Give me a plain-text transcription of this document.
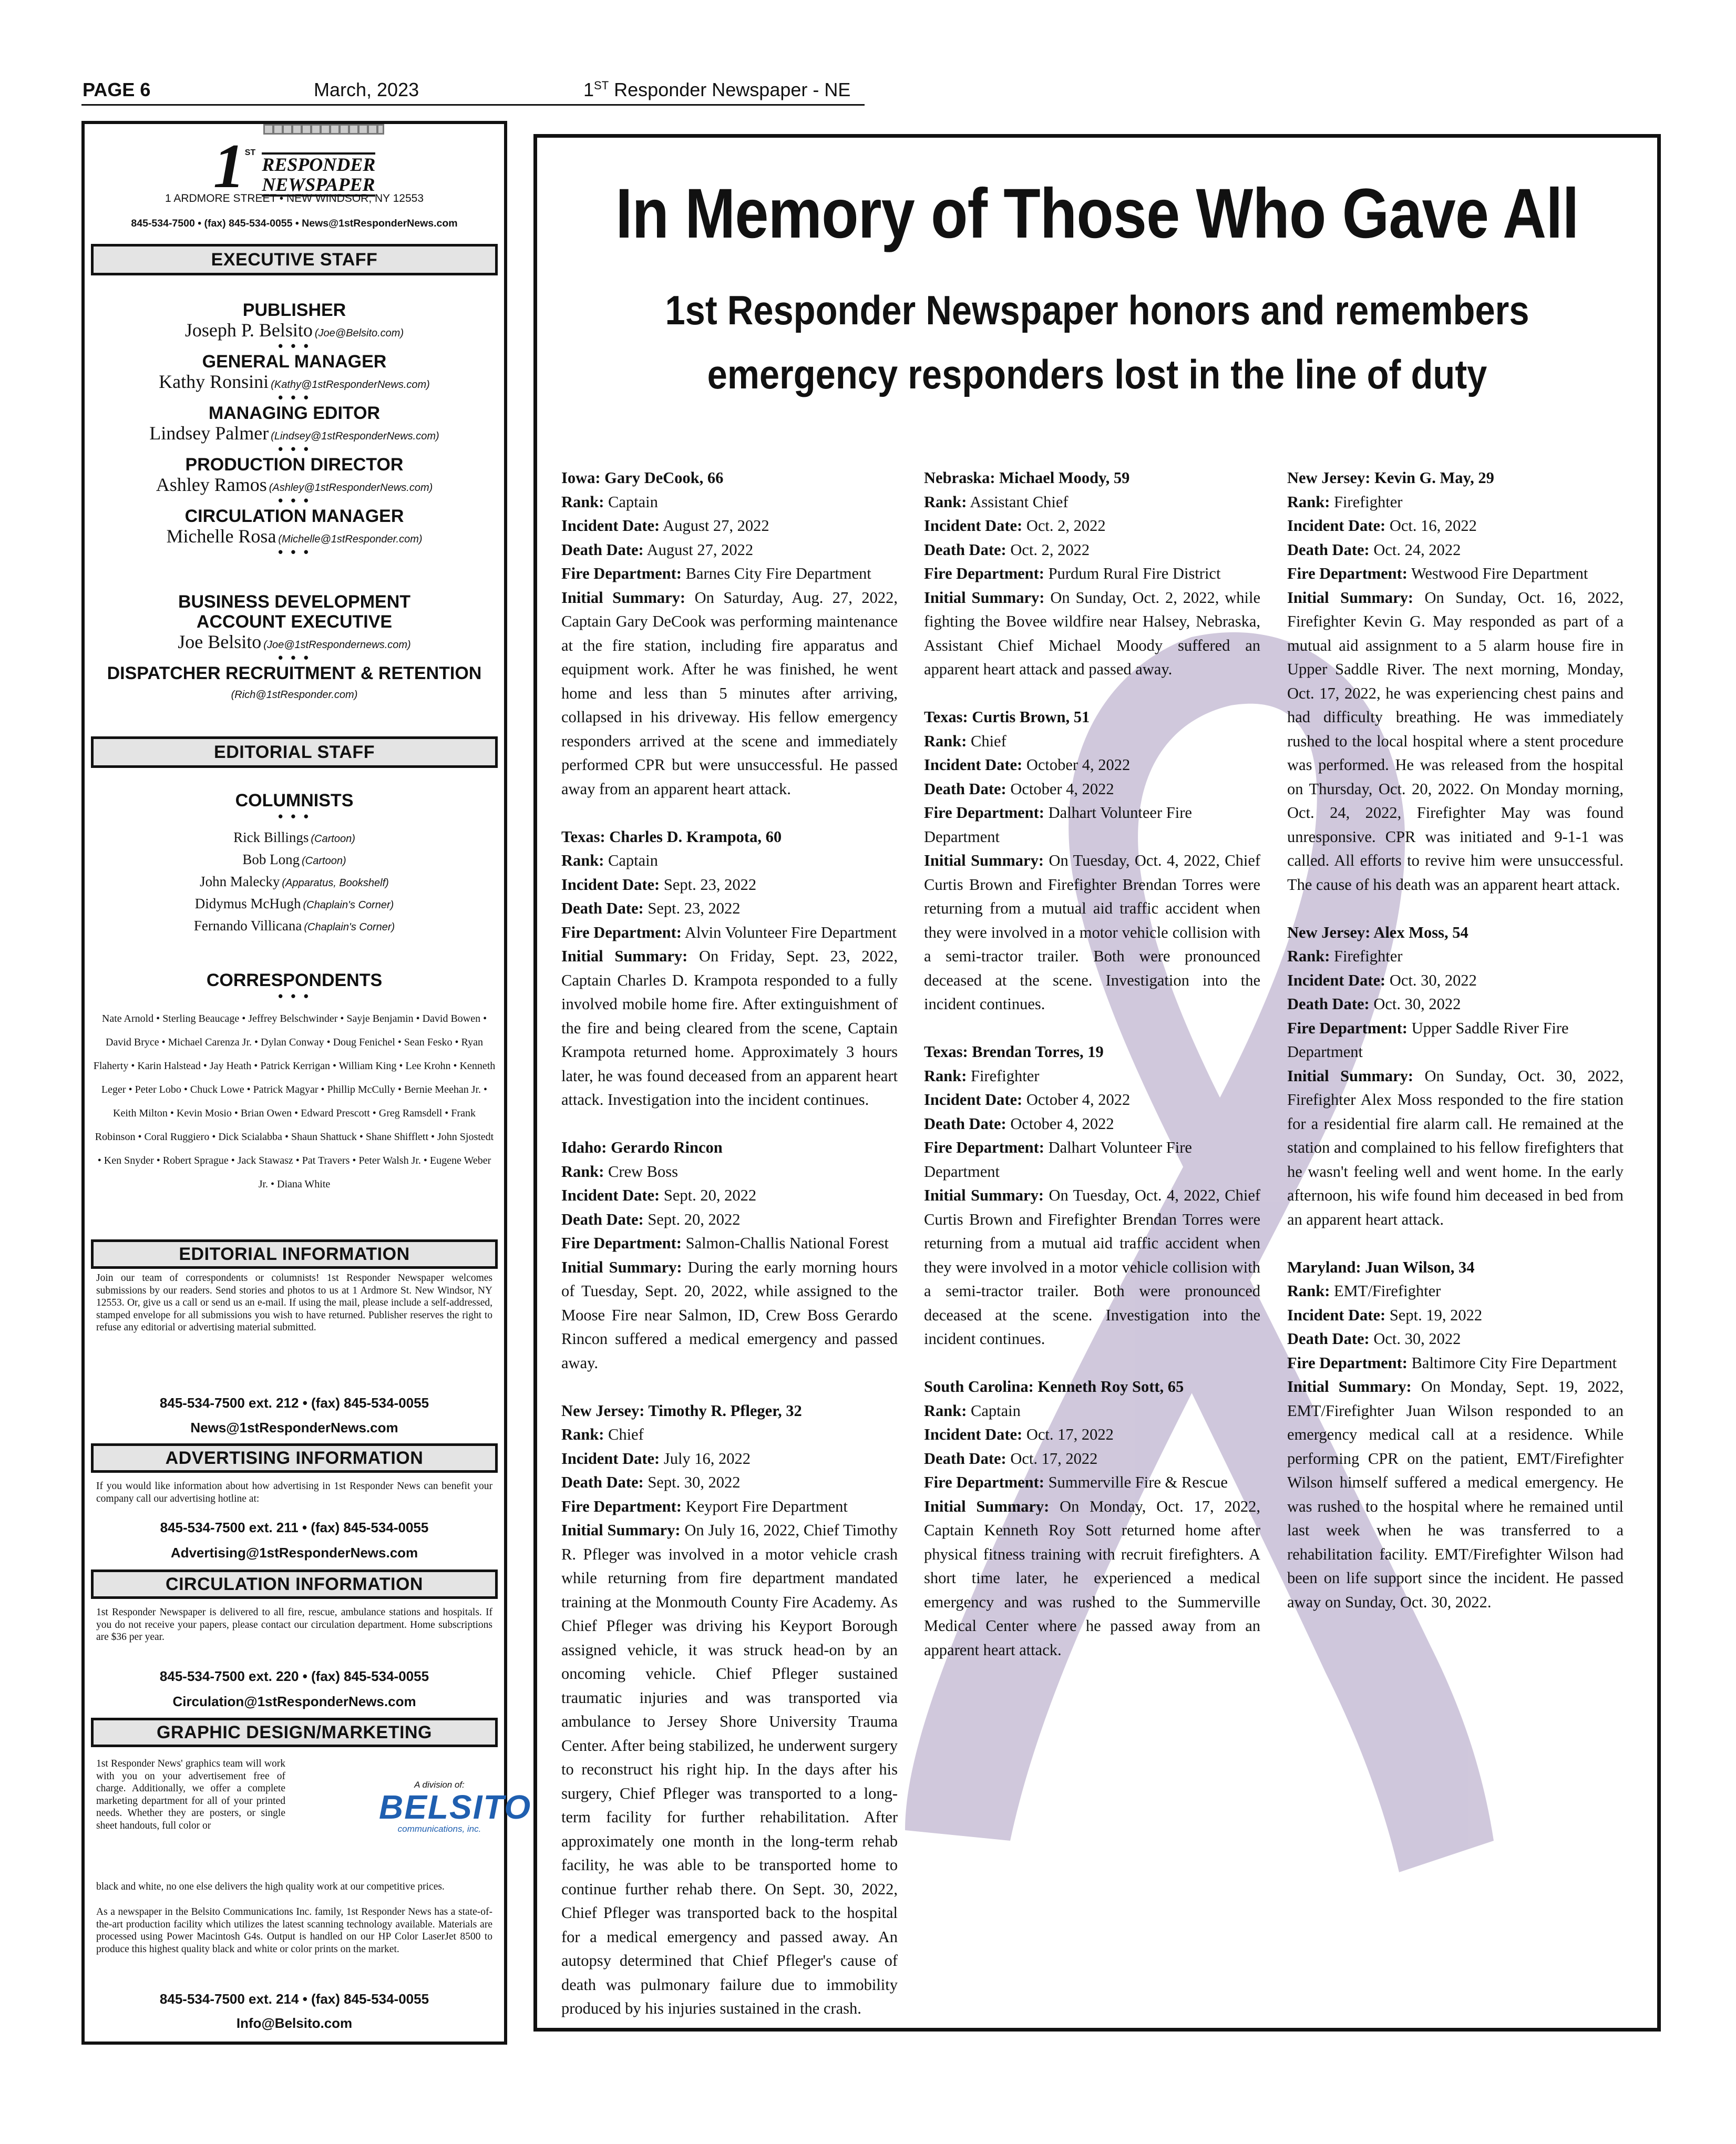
PAGE 6	March, 2023	1ST Responder Newspaper - NE
1ST RESPONDER
NEWSPAPER
1 ARDMORE STREET • NEW WINDSOR, NY 12553
845-534-7500 • (fax) 845-534-0055 • News@1stResponderNews.com
EXECUTIVE STAFF
PUBLISHER
Joseph P. Belsito (Joe@Belsito.com)
• • •
GENERAL MANAGER
Kathy Ronsini (Kathy@1stResponderNews.com)
• • •
MANAGING EDITOR
Lindsey Palmer (Lindsey@1stResponderNews.com)
• • •
PRODUCTION DIRECTOR
Ashley Ramos (Ashley@1stResponderNews.com)
• • •
CIRCULATION MANAGER
Michelle Rosa (Michelle@1stResponder.com)
• • •
BUSINESS DEVELOPMENT
ACCOUNT EXECUTIVE
Joe Belsito (Joe@1stRespondernews.com)
• • •
DISPATCHER RECRUITMENT & RETENTION
(Rich@1stResponder.com)
EDITORIAL STAFF
COLUMNISTS
• • •
Rick Billings (Cartoon)
Bob Long (Cartoon)
John Malecky (Apparatus, Bookshelf)
Didymus McHugh (Chaplain's Corner)
Fernando Villicana (Chaplain's Corner)
CORRESPONDENTS
• • •
Nate Arnold • Sterling Beaucage • Jeffrey Belschwinder • Sayje Benjamin • David Bowen • David Bryce • Michael Carenza Jr. • Dylan Conway • Doug Fenichel • Sean Fesko • Ryan Flaherty • Karin Halstead • Jay Heath • Patrick Kerrigan • William King • Lee Krohn • Kenneth Leger • Peter Lobo • Chuck Lowe • Patrick Magyar • Phillip McCully • Bernie Meehan Jr. • Keith Milton • Kevin Mosio • Brian Owen • Edward Prescott • Greg Ramsdell • Frank Robinson • Coral Ruggiero • Dick Scialabba • Shaun Shattuck • Shane Shifflett • John Sjostedt • Ken Snyder • Robert Sprague • Jack Stawasz • Pat Travers • Peter Walsh Jr. • Eugene Weber Jr. • Diana White
EDITORIAL INFORMATION
Join our team of correspondents or columnists! 1st Responder Newspaper welcomes submissions by our readers. Send stories and photos to us at 1 Ardmore St. New Windsor, NY 12553. Or, give us a call or send us an e-mail. If using the mail, please include a self-addressed, stamped envelope for all submissions you wish to have returned. Publisher reserves the right to refuse any editorial or advertising material submitted.
845-534-7500 ext. 212 • (fax) 845-534-0055
News@1stResponderNews.com
ADVERTISING INFORMATION
If you would like information about how advertising in 1st Responder News can benefit your company call our advertising hotline at:
845-534-7500 ext. 211 • (fax) 845-534-0055
Advertising@1stResponderNews.com
CIRCULATION INFORMATION
1st Responder Newspaper is delivered to all fire, rescue, ambulance stations and hospitals. If you do not receive your papers, please contact our circulation department. Home subscriptions are $36 per year.
845-534-7500 ext. 220 • (fax) 845-534-0055
Circulation@1stResponderNews.com
GRAPHIC DESIGN/MARKETING
1st Responder News' graphics team will work with you on your advertisement free of charge. Additionally, we offer a complete marketing department for all of your printed needs. Whether they are posters, or single sheet handouts, full color or
black and white, no one else delivers the high quality work at our competitive prices.
As a newspaper in the Belsito Communications Inc. family, 1st Responder News has a state-of-the-art production facility which utilizes the latest scanning technology available. Materials are processed using Power Macintosh G4s. Output is handled on our HP Color LaserJet 8500 to produce this highest quality black and white or color prints on the market.
845-534-7500 ext. 214 • (fax) 845-534-0055
Info@Belsito.com
A division of:
BELSITO
communications, inc.
In Memory of Those Who Gave All
1st Responder Newspaper honors and remembers
emergency responders lost in the line of duty

Iowa: Gary DeCook, 66

Rank: Captain

Incident Date: August 27, 2022

Death Date: August 27, 2022

Fire Department: Barnes City Fire Department

Initial Summary: On Saturday, Aug. 27, 2022, Captain Gary DeCook was performing maintenance at the fire station, including fire apparatus and equipment work. After he was finished, he went home and less than 5 minutes after arriving, collapsed in his driveway. His fellow emergency responders arrived at the scene and immediately performed CPR but were unsuccessful. He passed away from an apparent heart attack.

Texas: Charles D. Krampota, 60

Rank: Captain

Incident Date: Sept. 23, 2022

Death Date: Sept. 23, 2022

Fire Department: Alvin Volunteer Fire Department

Initial Summary: On Friday, Sept. 23, 2022, Captain Charles D. Krampota responded to a fully involved mobile home fire. After extinguishment of the fire and being cleared from the scene, Captain Krampota returned home. Approximately 3 hours later, he was found deceased from an apparent heart attack. Investigation into the incident continues.

Idaho: Gerardo Rincon

Rank: Crew Boss

Incident Date: Sept. 20, 2022

Death Date: Sept. 20, 2022

Fire Department: Salmon-Challis National Forest

Initial Summary: During the early morning hours of Tuesday, Sept. 20, 2022, while assigned to the Moose Fire near Salmon, ID, Crew Boss Gerardo Rincon suffered a medical emergency and passed away.

New Jersey: Timothy R. Pfleger, 32

Rank: Chief

Incident Date: July 16, 2022

Death Date: Sept. 30, 2022

Fire Department: Keyport Fire Department

Initial Summary: On July 16, 2022, Chief Timothy R. Pfleger was involved in a motor vehicle crash while returning from fire department mandated training at the Monmouth County Fire Academy. As Chief Pfleger was driving his Keyport Borough assigned vehicle, it was struck head-on by an oncoming vehicle. Chief Pfleger sustained traumatic injuries and was transported via ambulance to Jersey Shore University Trauma Center. After being stabilized, he underwent surgery to reconstruct his right hip. In the days after his surgery, Chief Pfleger was transported to a long-term facility for further rehabilitation. After approximately one month in the long-term rehab facility, he was able to be transported home to continue further rehab there. On Sept. 30, 2022, Chief Pfleger was transported back to the hospital for a medical emergency and passed away. An autopsy determined that Chief Pfleger's cause of death was pulmonary failure due to immobility produced by his injuries sustained in the crash.

Nebraska: Michael Moody, 59

Rank: Assistant Chief

Incident Date: Oct. 2, 2022

Death Date: Oct. 2, 2022

Fire Department: Purdum Rural Fire District

Initial Summary: On Sunday, Oct. 2, 2022, while fighting the Bovee wildfire near Halsey, Nebraska, Assistant Chief Michael Moody suffered an apparent heart attack and passed away.

Texas: Curtis Brown, 51

Rank: Chief

Incident Date: October 4, 2022

Death Date: October 4, 2022

Fire Department: Dalhart Volunteer Fire Department

Initial Summary: On Tuesday, Oct. 4, 2022, Chief Curtis Brown and Firefighter Brendan Torres were returning from a mutual aid traffic accident when they were involved in a motor vehicle collision with a semi-tractor trailer. Both were pronounced deceased at the scene. Investigation into the incident continues.

Texas: Brendan Torres, 19

Rank: Firefighter

Incident Date: October 4, 2022

Death Date: October 4, 2022

Fire Department: Dalhart Volunteer Fire Department

Initial Summary: On Tuesday, Oct. 4, 2022, Chief Curtis Brown and Firefighter Brendan Torres were returning from a mutual aid traffic accident when they were involved in a motor vehicle collision with a semi-tractor trailer. Both were pronounced deceased at the scene. Investigation into the incident continues.

South Carolina: Kenneth Roy Sott, 65

Rank: Captain

Incident Date: Oct. 17, 2022

Death Date: Oct. 17, 2022

Fire Department: Summerville Fire & Rescue

Initial Summary: On Monday, Oct. 17, 2022, Captain Kenneth Roy Sott returned home after physical fitness training with recruit firefighters. A short time later, he experienced a medical emergency and was rushed to the Summerville Medical Center where he passed away from an apparent heart attack.

New Jersey: Kevin G. May, 29

Rank: Firefighter

Incident Date: Oct. 16, 2022

Death Date: Oct. 24, 2022

Fire Department: Westwood Fire Department

Initial Summary: On Sunday, Oct. 16, 2022, Firefighter Kevin G. May responded as part of a mutual aid assignment to a 5 alarm house fire in Upper Saddle River. The next morning, Monday, Oct. 17, 2022, he was experiencing chest pains and had difficulty breathing. He was immediately rushed to the local hospital where a stent procedure was performed. He was released from the hospital on Thursday, Oct. 20, 2022. On Monday morning, Oct. 24, 2022, Firefighter May was found unresponsive. CPR was initiated and 9-1-1 was called. All efforts to revive him were unsuccessful. The cause of his death was an apparent heart attack.

New Jersey: Alex Moss, 54

Rank: Firefighter

Incident Date: Oct. 30, 2022

Death Date: Oct. 30, 2022

Fire Department: Upper Saddle River Fire Department

Initial Summary: On Sunday, Oct. 30, 2022, Firefighter Alex Moss responded to the fire station for a residential fire alarm call. He remained at the station and complained to his fellow firefighters that he wasn't feeling well and went home. In the early afternoon, his wife found him deceased in bed from an apparent heart attack.

Maryland: Juan Wilson, 34

Rank: EMT/Firefighter

Incident Date: Sept. 19, 2022

Death Date: Oct. 30, 2022

Fire Department: Baltimore City Fire Department

Initial Summary: On Monday, Sept. 19, 2022, EMT/Firefighter Juan Wilson responded to an emergency medical call at a residence. While performing CPR on the patient, EMT/Firefighter Wilson himself suffered a medical emergency. He was rushed to the hospital where he remained until last week when he was transferred to a rehabilitation facility. EMT/Firefighter Wilson had been on life support since the incident. He passed away on Sunday, Oct. 30, 2022.
